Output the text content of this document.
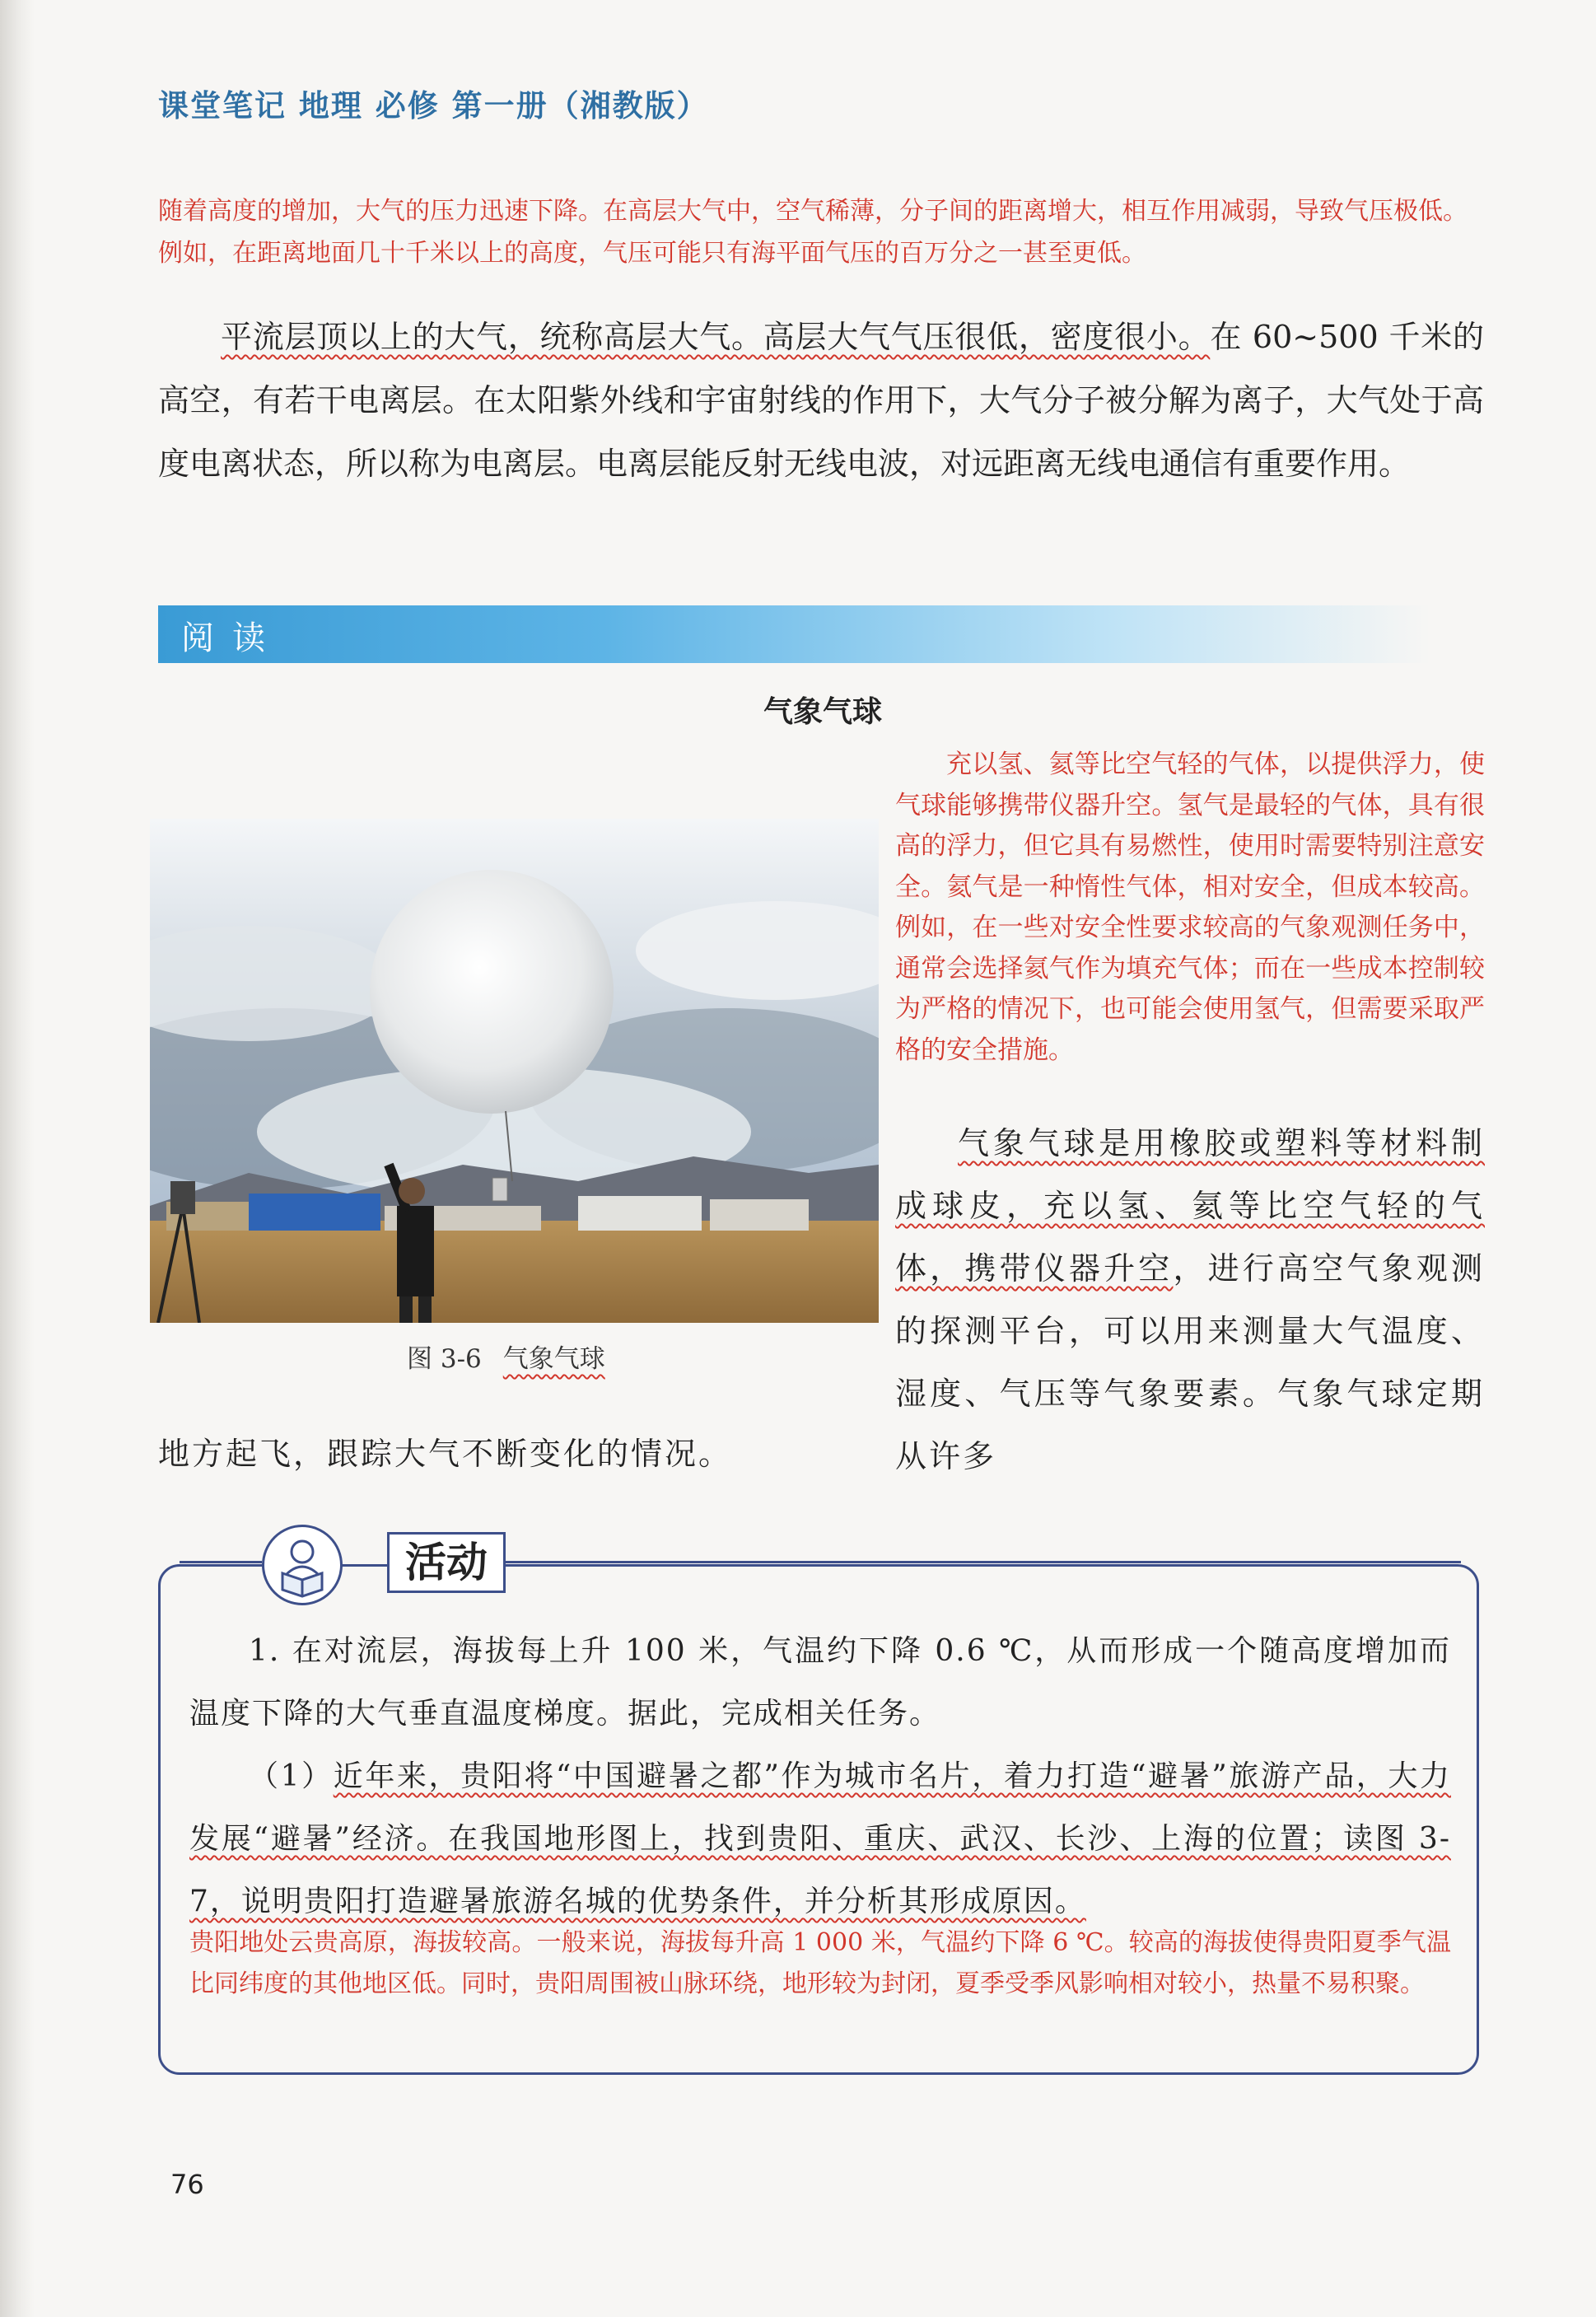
课堂笔记 地理 必修 第一册（湘教版）

随着高度的增加，大气的压力迅速下降。在高层大气中，空气稀薄，分子间的距离增大，相互作用减弱，导致气压极低。例如，在距离地面几十千米以上的高度，气压可能只有海平面气压的百万分之一甚至更低。

平流层顶以上的大气，统称高层大气。高层大气气压很低，密度很小。在 60~500 千米的高空，有若干电离层。在太阳紫外线和宇宙射线的作用下，大气分子被分解为离子，大气处于高度电离状态，所以称为电离层。电离层能反射无线电波，对远距离无线电通信有重要作用。

阅读
气象气球
图 3-6 气象气球

充以氢、氦等比空气轻的气体，以提供浮力，使气球能够携带仪器升空。氢气是最轻的气体，具有很高的浮力，但它具有易燃性，使用时需要特别注意安全。氦气是一种惰性气体，相对安全，但成本较高。例如，在一些对安全性要求较高的气象观测任务中，通常会选择氦气作为填充气体；而在一些成本控制较为严格的情况下，也可能会使用氢气，但需要采取严格的安全措施。

气象气球是用橡胶或塑料等材料制成球皮，充以氢、氦等比空气轻的气体，携带仪器升空，进行高空气象观测的探测平台，可以用来测量大气温度、湿度、气压等气象要素。气象气球定期从许多

地方起飞，跟踪大气不断变化的情况。
活动

1. 在对流层，海拔每上升 100 米，气温约下降 0.6 ℃，从而形成一个随高度增加而温度下降的大气垂直温度梯度。据此，完成相关任务。

（1）近年来，贵阳将“中国避暑之都”作为城市名片，着力打造“避暑”旅游产品，大力发展“避暑”经济。在我国地形图上，找到贵阳、重庆、武汉、长沙、上海的位置；读图 3-7，说明贵阳打造避暑旅游名城的优势条件，并分析其形成原因。

贵阳地处云贵高原，海拔较高。一般来说，海拔每升高 1 000 米，气温约下降 6 ℃。较高的海拔使得贵阳夏季气温比同纬度的其他地区低。同时，贵阳周围被山脉环绕，地形较为封闭，夏季受季风影响相对较小，热量不易积聚。

76
